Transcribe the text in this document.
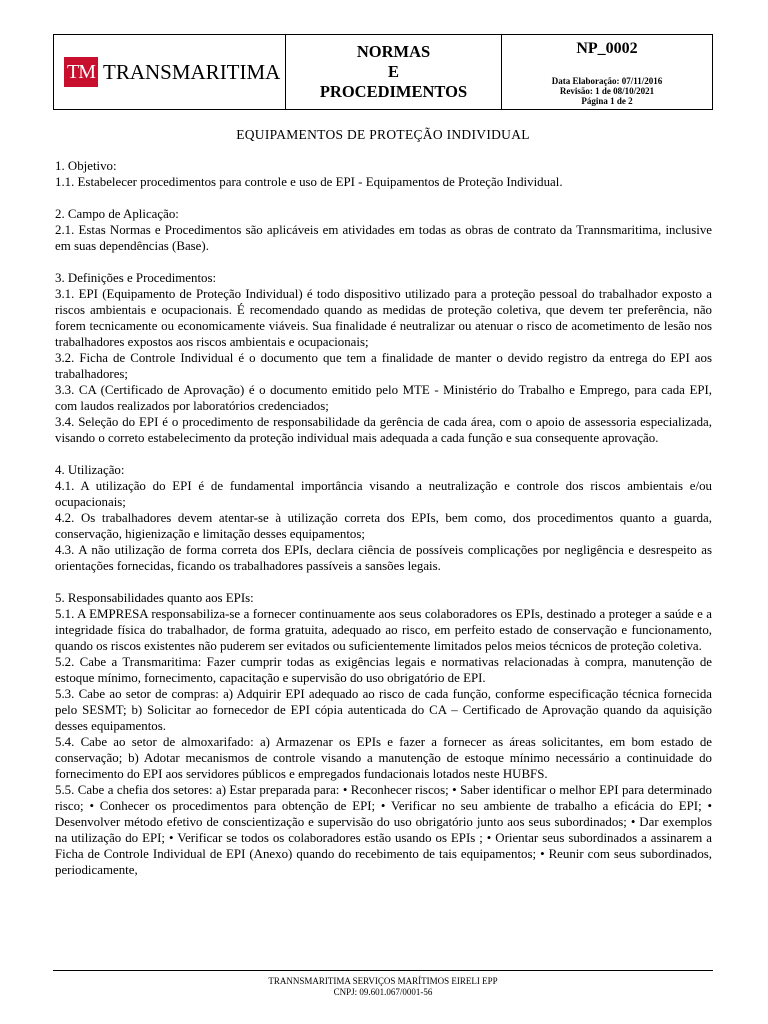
TM TRANSMARITIMA
NORMAS
E
PROCEDIMENTOS
NP_0002
Data Elaboração: 07/11/2016
Revisão: 1 de 08/10/2021
Página 1 de 2
EQUIPAMENTOS DE PROTEÇÃO INDIVIDUAL

1. Objetivo:

1.1. Estabelecer procedimentos para controle e uso de EPI - Equipamentos de Proteção Individual.

2. Campo de Aplicação:

2.1. Estas Normas e Procedimentos são aplicáveis em atividades em todas as obras de contrato da Trannsmaritima, inclusive em suas dependências (Base).

3. Definições e Procedimentos:

3.1. EPI (Equipamento de Proteção Individual) é todo dispositivo utilizado para a proteção pessoal do trabalhador exposto a riscos ambientais e ocupacionais. É recomendado quando as medidas de proteção coletiva, que devem ter preferência, não forem tecnicamente ou economicamente viáveis. Sua finalidade é neutralizar ou atenuar o risco de acometimento de lesão nos trabalhadores expostos aos riscos ambientais e ocupacionais;

3.2. Ficha de Controle Individual é o documento que tem a finalidade de manter o devido registro da entrega do EPI aos trabalhadores;

3.3. CA (Certificado de Aprovação) é o documento emitido pelo MTE - Ministério do Trabalho e Emprego, para cada EPI, com laudos realizados por laboratórios credenciados;

3.4. Seleção do EPI é o procedimento de responsabilidade da gerência de cada área, com o apoio de assessoria especializada, visando o correto estabelecimento da proteção individual mais adequada a cada função e sua consequente aprovação.

4. Utilização:

4.1. A utilização do EPI é de fundamental importância visando a neutralização e controle dos riscos ambientais e/ou ocupacionais;

4.2. Os trabalhadores devem atentar-se à utilização correta dos EPIs, bem como, dos procedimentos quanto a guarda, conservação, higienização e limitação desses equipamentos;

4.3. A não utilização de forma correta dos EPIs, declara ciência de possíveis complicações por negligência e desrespeito as orientações fornecidas, ficando os trabalhadores passíveis a sansões legais.

5. Responsabilidades quanto aos EPIs:

5.1. A EMPRESA responsabiliza-se a fornecer continuamente aos seus colaboradores os EPIs, destinado a proteger a saúde e a integridade física do trabalhador, de forma gratuita, adequado ao risco, em perfeito estado de conservação e funcionamento, quando os riscos existentes não puderem ser evitados ou suficientemente limitados pelos meios técnicos de proteção coletiva.

5.2. Cabe a Transmaritima: Fazer cumprir todas as exigências legais e normativas relacionadas à compra, manutenção de estoque mínimo, fornecimento, capacitação e supervisão do uso obrigatório de EPI.

5.3. Cabe ao setor de compras: a) Adquirir EPI adequado ao risco de cada função, conforme especificação técnica fornecida pelo SESMT; b) Solicitar ao fornecedor de EPI cópia autenticada do CA – Certificado de Aprovação quando da aquisição desses equipamentos.

5.4. Cabe ao setor de almoxarifado: a) Armazenar os EPIs e fazer a fornecer as áreas solicitantes, em bom estado de conservação; b) Adotar mecanismos de controle visando a manutenção de estoque mínimo necessário a continuidade do fornecimento do EPI aos servidores públicos e empregados fundacionais lotados neste HUBFS.

5.5. Cabe a chefia dos setores: a) Estar preparada para: • Reconhecer riscos; • Saber identificar o melhor EPI para determinado risco; • Conhecer os procedimentos para obtenção de EPI; • Verificar no seu ambiente de trabalho a eficácia do EPI; • Desenvolver método efetivo de conscientização e supervisão do uso obrigatório junto aos seus subordinados; • Dar exemplos na utilização do EPI; • Verificar se todos os colaboradores estão usando os EPIs ; • Orientar seus subordinados a assinarem a Ficha de Controle Individual de EPI (Anexo) quando do recebimento de tais equipamentos; • Reunir com seus subordinados, periodicamente,

TRANNSMARITIMA SERVIÇOS MARÍTIMOS EIRELI EPP
CNPJ: 09.601.067/0001-56
